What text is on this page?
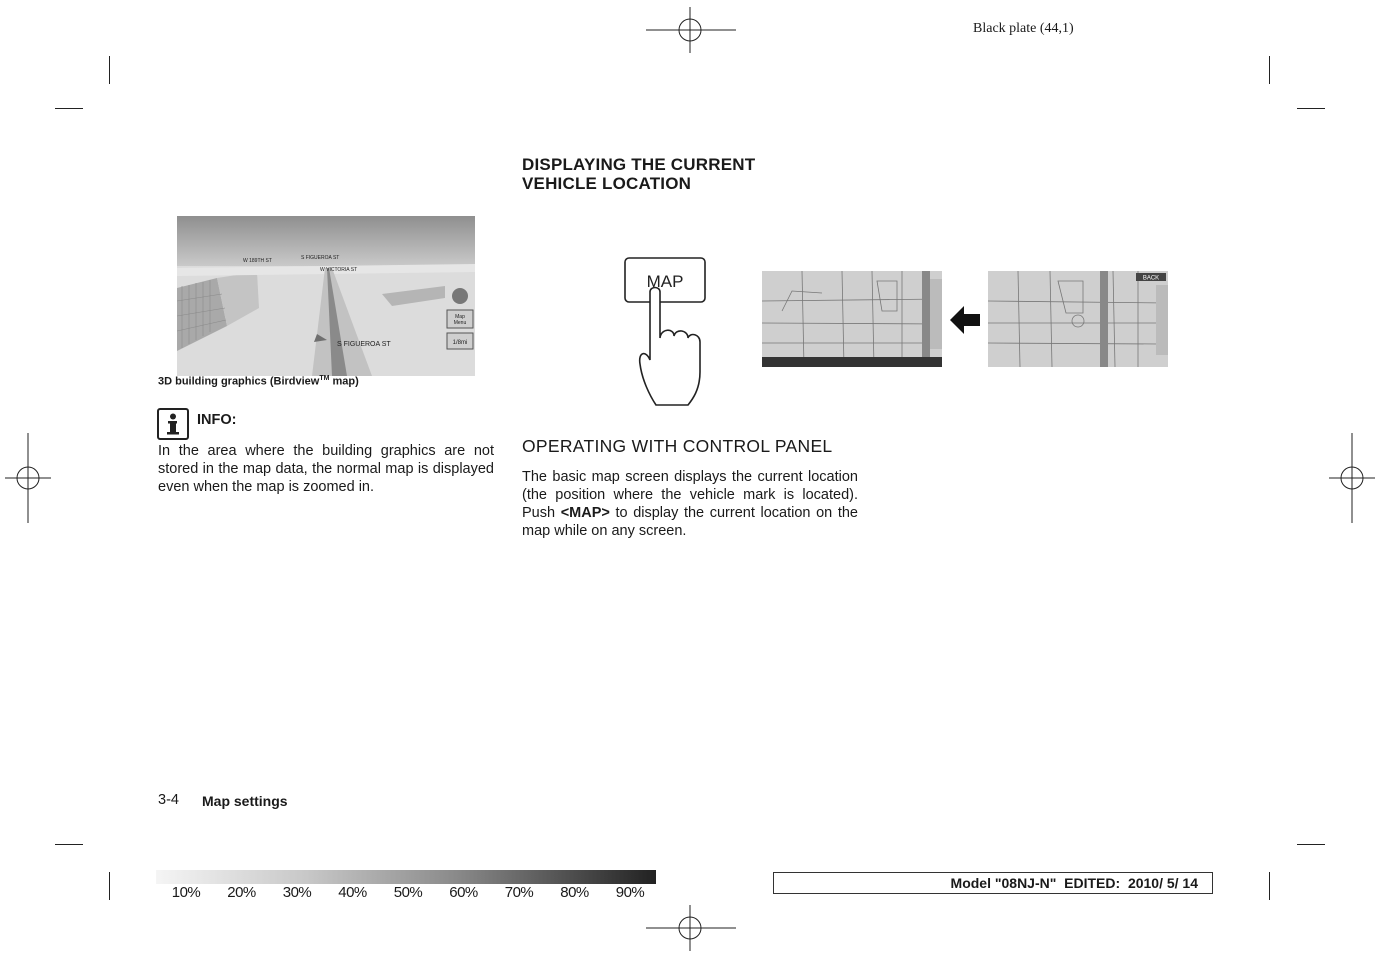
Black plate (44,1)
W 189TH ST	S FIGUEROA ST
W VICTORIA ST
S FIGUEROA ST
Map
Menu
1/8mi
3D building graphics (Birdview™ map)
INFO:

In the area where the building graphics are not stored in the map data, the normal map is displayed even when the map is zoomed in.

DISPLAYING THE CURRENT
VEHICLE LOCATION
MAP	BACK
OPERATING WITH CONTROL PANEL

The basic map screen displays the current location (the position where the vehicle mark is located). Push <MAP> to display the current location on the map while on any screen.

3-4 Map settings
10% 20% 30% 40% 50% 60% 70% 80% 90%
Model "08NJ-N"  EDITED:  2010/ 5/ 14
